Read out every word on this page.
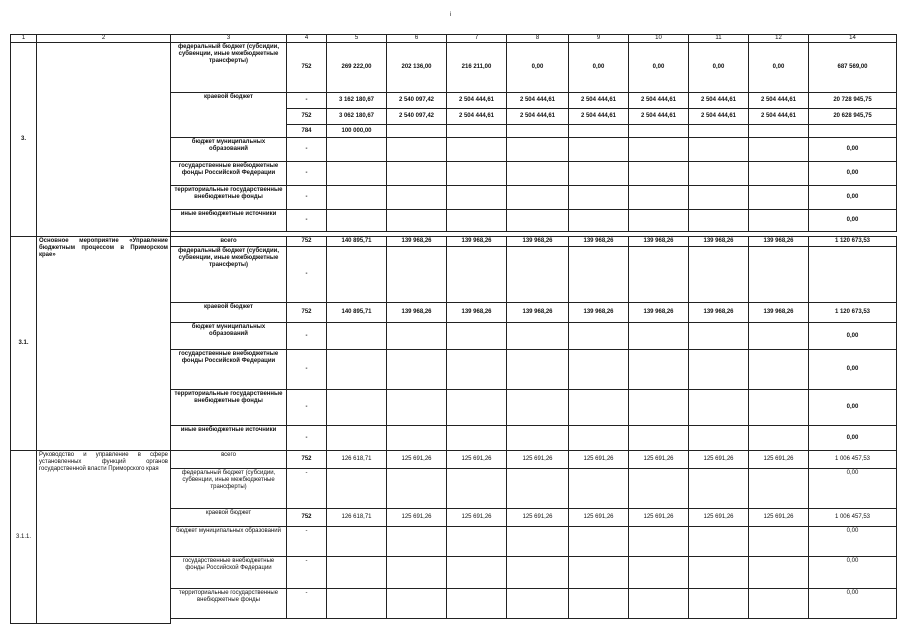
i
1	2	3	4	5	6	7	8	9	10	11	12	14
3.		федеральный бюджет (субсидии, субвенции, иные межбюджетные трансферты)	752	269 222,00	202 136,00	216 211,00	0,00	0,00	0,00	0,00	0,00	687 569,00
		краевой бюджет	-	3 162 180,67	2 540 097,42	2 504 444,61	2 504 444,61	2 504 444,61	2 504 444,61	2 504 444,61	2 504 444,61	20 728 945,75
			752	3 062 180,67	2 540 097,42	2 504 444,61	2 504 444,61	2 504 444,61	2 504 444,61	2 504 444,61	2 504 444,61	20 628 945,75
			784	100 000,00								
		бюджет муниципальных образований	-									0,00
		государственные внебюджетные фонды Российской Федерации	-									0,00
		территориальные государственные внебюджетные фонды	-									0,00
		иные внебюджетные источники	-									0,00

3.1.	Основное мероприятие «Управление бюджетным процессом в Приморском крае»	всего	752	140 895,71	139 968,26	139 968,26	139 968,26	139 968,26	139 968,26	139 968,26	139 968,26	1 120 673,53
		федеральный бюджет (субсидии, субвенции, иные межбюджетные трансферты)	-									
		краевой бюджет	752	140 895,71	139 968,26	139 968,26	139 968,26	139 968,26	139 968,26	139 968,26	139 968,26	1 120 673,53
		бюджет муниципальных образований	-									0,00
		государственные внебюджетные фонды Российской Федерации	-									0,00
		территориальные государственные внебюджетные фонды	-									0,00
		иные внебюджетные источники	-									0,00
3.1.1.	Руководство и управление в сфере установленных функций органов государственной власти Приморского края	всего	752	126 618,71	125 691,26	125 691,26	125 691,26	125 691,26	125 691,26	125 691,26	125 691,26	1 006 457,53
		федеральный бюджет (субсидии, субвенции, иные межбюджетные трансферты)	-									0,00
		краевой бюджет	752	126 618,71	125 691,26	125 691,26	125 691,26	125 691,26	125 691,26	125 691,26	125 691,26	1 006 457,53
		бюджет муниципальных образований	-									0,00
		государственные внебюджетные фонды Российской Федерации	-									0,00
		территориальные государственные внебюджетные фонды	-									0,00
